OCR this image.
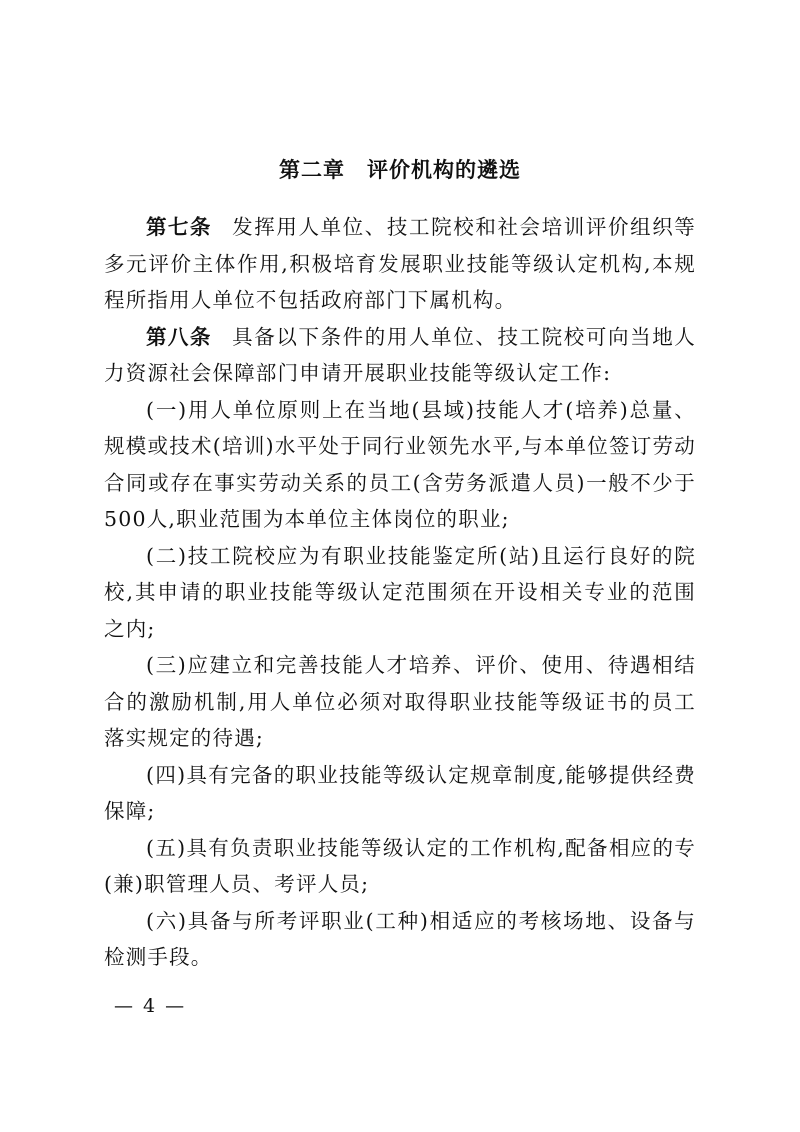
第二章　评价机构的遴选

第七条 发挥用人单位、技工院校和社会培训评价组织等多元评价主体作用,积极培育发展职业技能等级认定机构,本规程所指用人单位不包括政府部门下属机构。

第八条 具备以下条件的用人单位、技工院校可向当地人力资源社会保障部门申请开展职业技能等级认定工作:

(一)用人单位原则上在当地(县域)技能人才(培养)总量、规模或技术(培训)水平处于同行业领先水平,与本单位签订劳动合同或存在事实劳动关系的员工(含劳务派遣人员)一般不少于500人,职业范围为本单位主体岗位的职业;

(二)技工院校应为有职业技能鉴定所(站)且运行良好的院校,其申请的职业技能等级认定范围须在开设相关专业的范围之内;

(三)应建立和完善技能人才培养、评价、使用、待遇相结合的激励机制,用人单位必须对取得职业技能等级证书的员工落实规定的待遇;

(四)具有完备的职业技能等级认定规章制度,能够提供经费保障;

(五)具有负责职业技能等级认定的工作机构,配备相应的专(兼)职管理人员、考评人员;

(六)具备与所考评职业(工种)相适应的考核场地、设备与检测手段。

— 4 —
